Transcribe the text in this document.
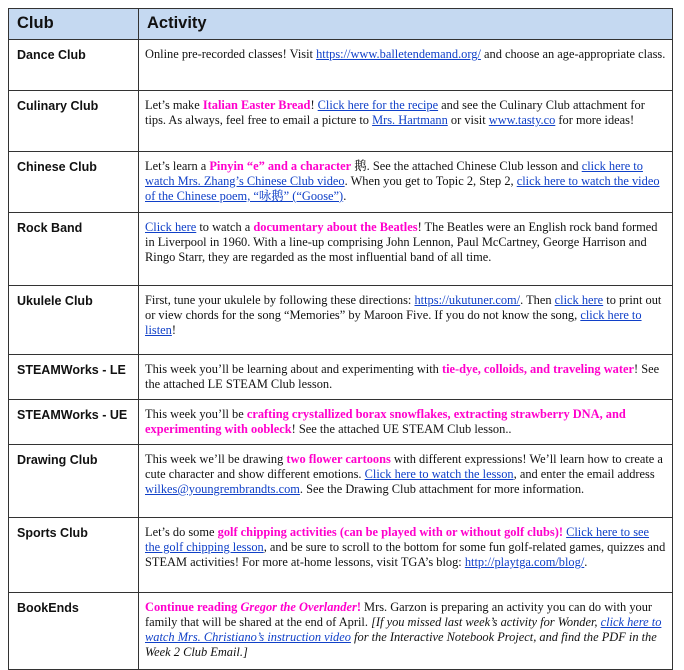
Club	Activity
Dance Club	Online pre-recorded classes! Visit https://www.balletendemand.org/ and choose an age-appropriate class.
Culinary Club	Let’s make Italian Easter Bread! Click here for the recipe and see the Culinary Club attachment for tips. As always, feel free to email a picture to Mrs. Hartmann or visit www.tasty.co for more ideas!
Chinese Club	Let’s learn a Pinyin “e” and a character 鹅. See the attached Chinese Club lesson and click here to watch Mrs. Zhang’s Chinese Club video. When you get to Topic 2, Step 2, click here to watch the video of the Chinese poem, “咏鹅” (“Goose”).
Rock Band	Click here to watch a documentary about the Beatles! The Beatles were an English rock band formed in Liverpool in 1960. With a line-up comprising John Lennon, Paul McCartney, George Harrison and Ringo Starr, they are regarded as the most influential band of all time.
Ukulele Club	First, tune your ukulele by following these directions: https://ukutuner.com/. Then click here to print out or view chords for the song “Memories” by Maroon Five. If you do not know the song, click here to listen!
STEAMWorks - LE	This week you’ll be learning about and experimenting with tie-dye, colloids, and traveling water! See the attached LE STEAM Club lesson.
STEAMWorks - UE	This week you’ll be crafting crystallized borax snowflakes, extracting strawberry DNA, and experimenting with oobleck! See the attached UE STEAM Club lesson..
Drawing Club	This week we’ll be drawing two flower cartoons with different expressions! We’ll learn how to create a cute character and show different emotions. Click here to watch the lesson, and enter the email address wilkes@youngrembrandts.com. See the Drawing Club attachment for more information.
Sports Club	Let’s do some golf chipping activities (can be played with or without golf clubs)! Click here to see the golf chipping lesson, and be sure to scroll to the bottom for some fun golf-related games, quizzes and STEAM activities! For more at-home lessons, visit TGA’s blog: http://playtga.com/blog/.
BookEnds	Continue reading Gregor the Overlander! Mrs. Garzon is preparing an activity you can do with your family that will be shared at the end of April. [If you missed last week’s activity for Wonder, click here to watch Mrs. Christiano’s instruction video for the Interactive Notebook Project, and find the PDF in the Week 2 Club Email.]
